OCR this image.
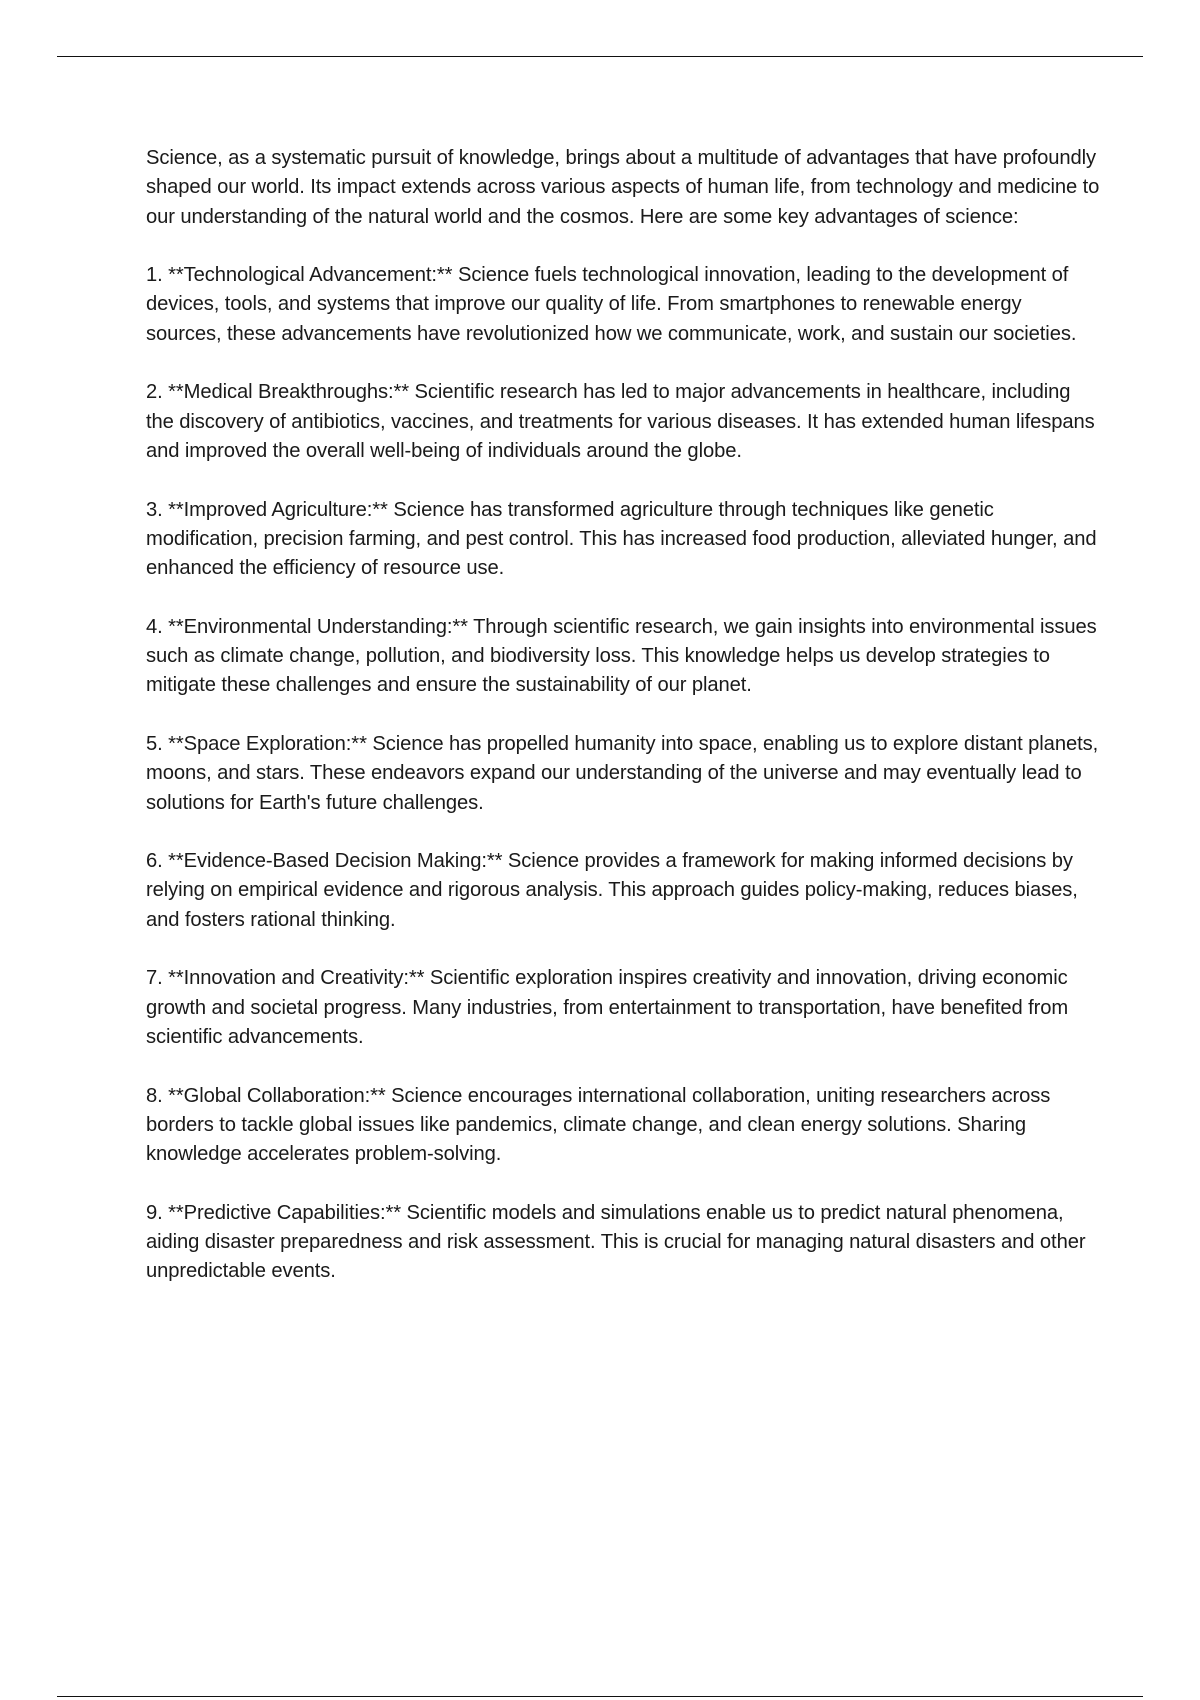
Science, as a systematic pursuit of knowledge, brings about a multitude of advantages that have profoundly shaped our world. Its impact extends across various aspects of human life, from technology and medicine to our understanding of the natural world and the cosmos. Here are some key advantages of science:

1. **Technological Advancement:** Science fuels technological innovation, leading to the development of devices, tools, and systems that improve our quality of life. From smartphones to renewable energy sources, these advancements have revolutionized how we communicate, work, and sustain our societies.

2. **Medical Breakthroughs:** Scientific research has led to major advancements in healthcare, including the discovery of antibiotics, vaccines, and treatments for various diseases. It has extended human lifespans and improved the overall well-being of individuals around the globe.

3. **Improved Agriculture:** Science has transformed agriculture through techniques like genetic modification, precision farming, and pest control. This has increased food production, alleviated hunger, and enhanced the efficiency of resource use.

4. **Environmental Understanding:** Through scientific research, we gain insights into environmental issues such as climate change, pollution, and biodiversity loss. This knowledge helps us develop strategies to mitigate these challenges and ensure the sustainability of our planet.

5. **Space Exploration:** Science has propelled humanity into space, enabling us to explore distant planets, moons, and stars. These endeavors expand our understanding of the universe and may eventually lead to solutions for Earth's future challenges.

6. **Evidence-Based Decision Making:** Science provides a framework for making informed decisions by relying on empirical evidence and rigorous analysis. This approach guides policy-making, reduces biases, and fosters rational thinking.

7. **Innovation and Creativity:** Scientific exploration inspires creativity and innovation, driving economic growth and societal progress. Many industries, from entertainment to transportation, have benefited from scientific advancements.

8. **Global Collaboration:** Science encourages international collaboration, uniting researchers across borders to tackle global issues like pandemics, climate change, and clean energy solutions. Sharing knowledge accelerates problem-solving.

9. **Predictive Capabilities:** Scientific models and simulations enable us to predict natural phenomena, aiding disaster preparedness and risk assessment. This is crucial for managing natural disasters and other unpredictable events.
